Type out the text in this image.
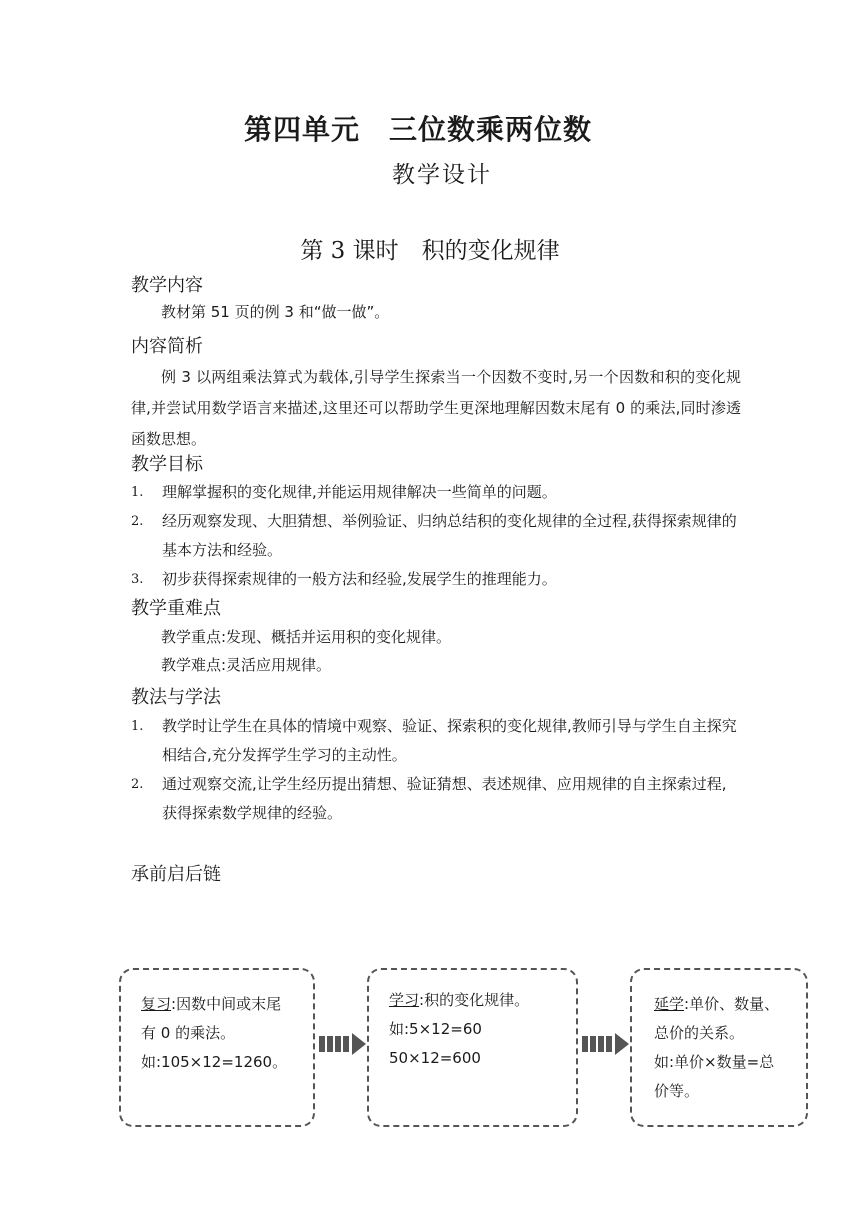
第四单元　三位数乘两位数
教学设计
第 3 课时　积的变化规律
教学内容
教材第 51 页的例 3 和“做一做”。
内容简析
例 3 以两组乘法算式为载体,引导学生探索当一个因数不变时,另一个因数和积的变化规律,并尝试用数学语言来描述,这里还可以帮助学生更深地理解因数末尾有 0 的乘法,同时渗透函数思想。
教学目标
1. 理解掌握积的变化规律,并能运用规律解决一些简单的问题。
2. 经历观察发现、大胆猜想、举例验证、归纳总结积的变化规律的全过程,获得探索规律的基本方法和经验。
3. 初步获得探索规律的一般方法和经验,发展学生的推理能力。
教学重难点
教学重点:发现、概括并运用积的变化规律。
教学难点:灵活应用规律。
教法与学法
1. 教学时让学生在具体的情境中观察、验证、探索积的变化规律,教师引导与学生自主探究相结合,充分发挥学生学习的主动性。
2. 通过观察交流,让学生经历提出猜想、验证猜想、表述规律、应用规律的自主探索过程,获得探索数学规律的经验。
承前启后链
复习:因数中间或末尾
有 0 的乘法。
如:105×12=1260。
学习:积的变化规律。
如:5×12=60
50×12=600
延学:单价、数量、
总价的关系。
如:单价×数量=总
价等。
